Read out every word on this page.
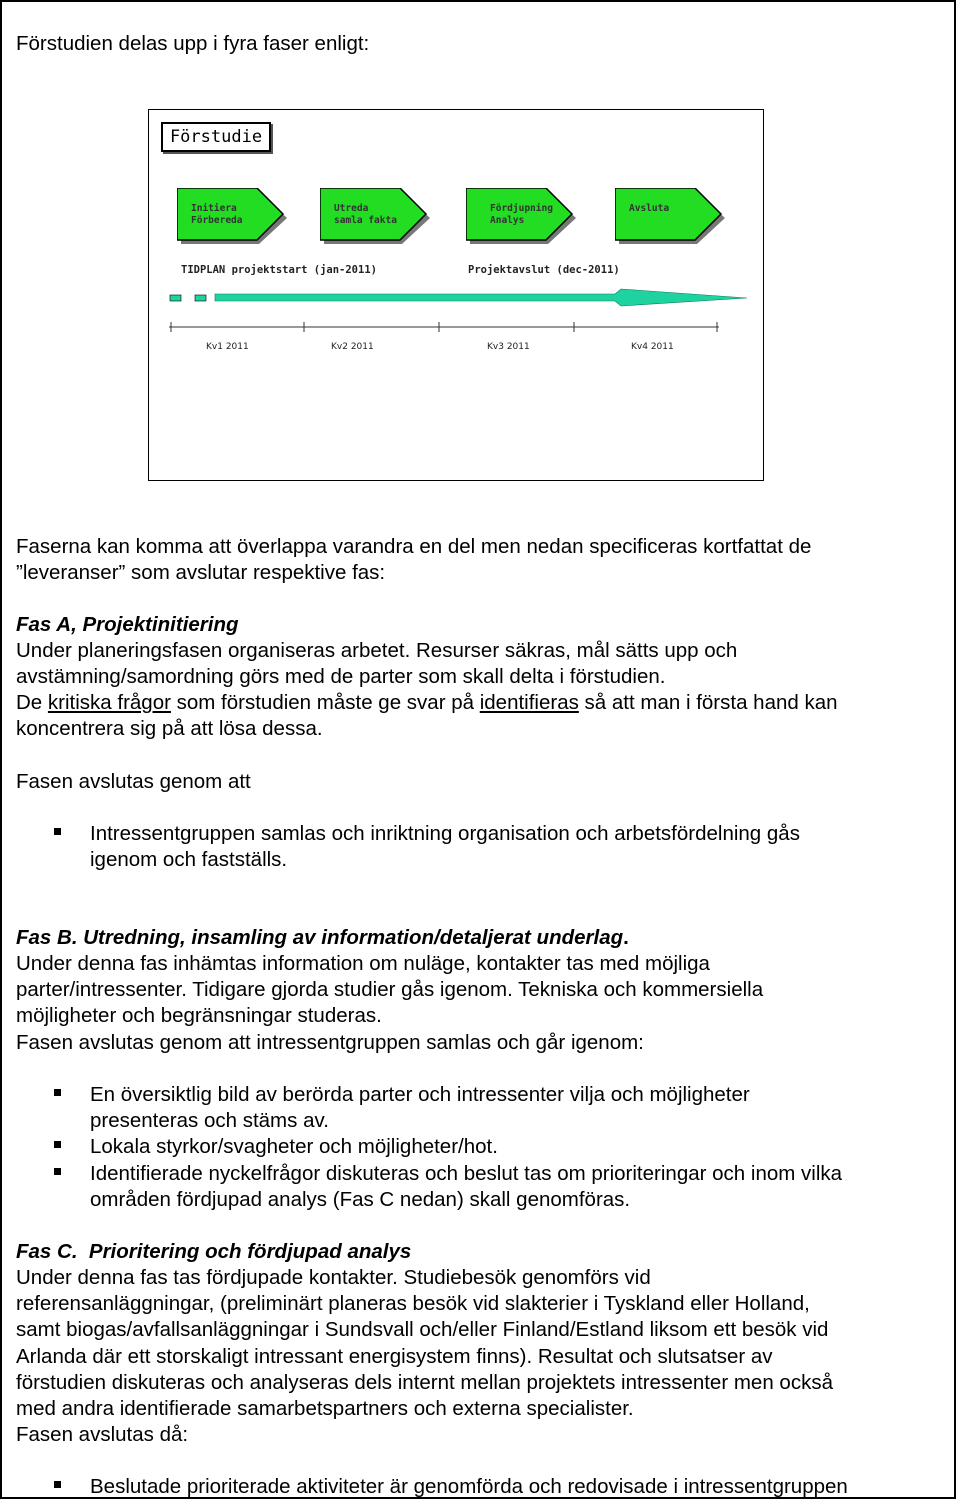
Förstudien delas upp i fyra faser enligt:
Förstudie
Initiera
Förbereda
Utreda
samla fakta
Fördjupning
Analys
Avsluta
TIDPLAN projektstart (jan-2011)	Projektavslut (dec-2011)
Kv1 2011	Kv2 2011	Kv3 2011	Kv4 2011
Faserna kan komma att överlappa varandra en del men nedan specificeras kortfattat de
”leveranser” som avslutar respektive fas:
Fas A, Projektinitiering
Under planeringsfasen organiseras arbetet. Resurser säkras, mål sätts upp och
avstämning/samordning görs med de parter som skall delta i förstudien.
De kritiska frågor som förstudien måste ge svar på identifieras så att man i första hand kan
koncentrera sig på att lösa dessa.
Fasen avslutas genom att
Intressentgruppen samlas och inriktning organisation och arbetsfördelning gås
igenom och fastställs.
Fas B. Utredning, insamling av information/detaljerat underlag.
Under denna fas inhämtas information om nuläge, kontakter tas med möjliga
parter/intressenter. Tidigare gjorda studier gås igenom. Tekniska och kommersiella
möjligheter och begränsningar studeras.
Fasen avslutas genom att intressentgruppen samlas och går igenom:
En översiktlig bild av berörda parter och intressenter vilja och möjligheter
presenteras och stäms av.
Lokala styrkor/svagheter och möjligheter/hot.
Identifierade nyckelfrågor diskuteras och beslut tas om prioriteringar och inom vilka
områden fördjupad analys (Fas C nedan) skall genomföras.
Fas C.  Prioritering och fördjupad analys
Under denna fas tas fördjupade kontakter. Studiebesök genomförs vid
referensanläggningar, (preliminärt planeras besök vid slakterier i Tyskland eller Holland,
samt biogas/avfallsanläggningar i Sundsvall och/eller Finland/Estland liksom ett besök vid
Arlanda där ett storskaligt intressant energisystem finns). Resultat och slutsatser av
förstudien diskuteras och analyseras dels internt mellan projektets intressenter men också
med andra identifierade samarbetspartners och externa specialister.
Fasen avslutas då:
Beslutade prioriterade aktiviteter är genomförda och redovisade i intressentgruppen
